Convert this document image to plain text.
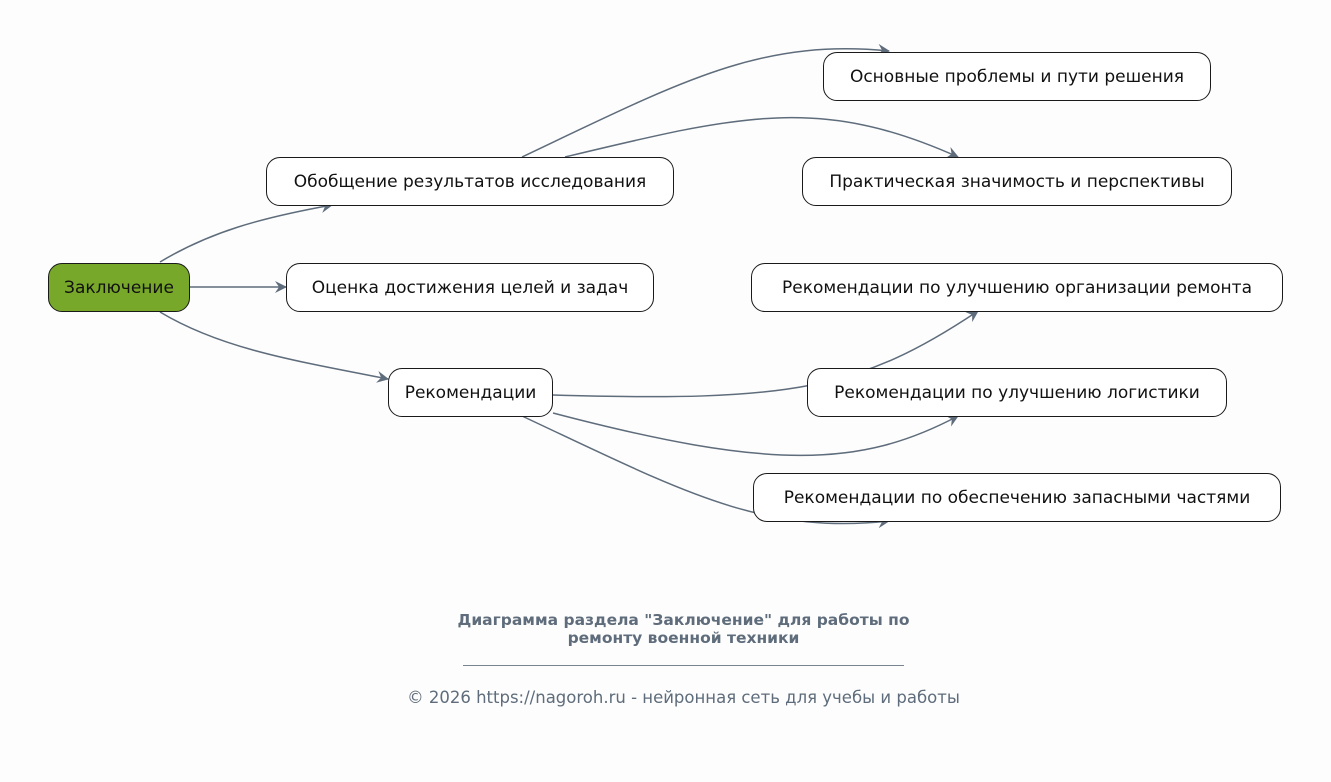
Заключение
Обобщение результатов исследования
Оценка достижения целей и задач
Рекомендации
Основные проблемы и пути решения
Практическая значимость и перспективы
Рекомендации по улучшению организации ремонта
Рекомендации по улучшению логистики
Рекомендации по обеспечению запасными частями
Диаграмма раздела "Заключение" для работы по
ремонту военной техники
© 2026 https://nagoroh.ru - нейронная сеть для учебы и работы
